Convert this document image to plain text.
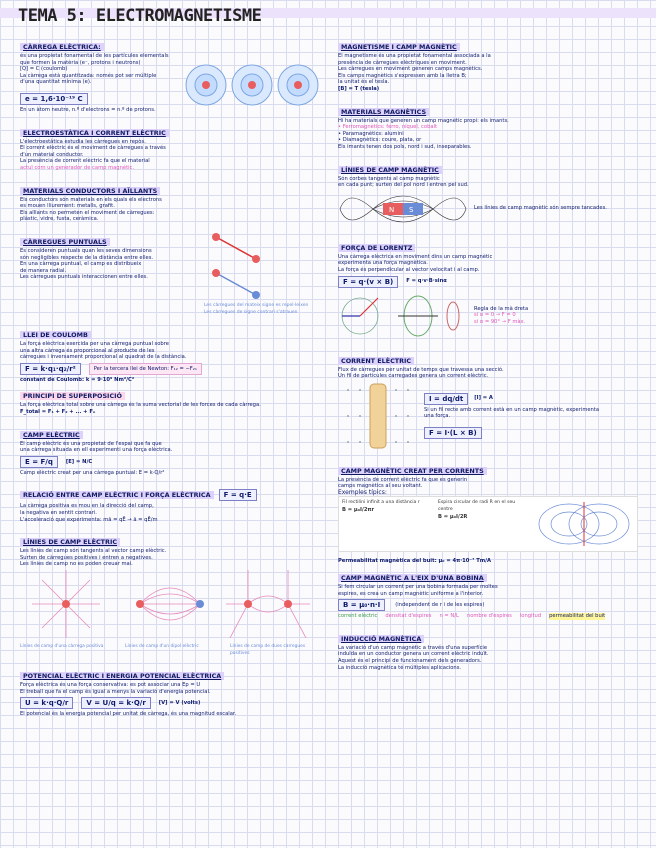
TEMA 5: ELECTROMAGNETISME
CÀRREGA ELÈCTRICA:

és una propietat fonamental de les partícules elementals

que formen la matèria (e⁻, protons i neutrons)

[Q] = C (coulomb)

La càrrega està quantitzada: només pot ser múltiple

d'una quantitat mínima (e).

e = 1,6·10⁻¹⁹ C

En un àtom neutre, n.º d'electrons = n.º de protons.

ELECTROESTÀTICA I CORRENT ELÈCTRIC

L'electroestàtica estudia les càrregues en repòs.

El corrent elèctric és el moviment de càrregues a través

d'un material conductor.

La presència de corrent elèctric fa que el material

actuï com un generador de camp magnètic.

MATERIALS CONDUCTORS I AÏLLANTS

Els conductors són materials en els quals els electrons

es mouen lliurement: metalls, grafit.

Els aïllants no permeten el moviment de càrregues:

plàstic, vidre, fusta, ceràmica.

CÀRREGUES PUNTUALS

Es consideren puntuals quan les seves dimensions

són negligibles respecte de la distància entre elles.

En una càrrega puntual, el camp es distribueix

de manera radial.

Les càrregues puntuals interaccionen entre elles.

Les càrregues del mateix signe es repel·leixen

Les càrregues de signe contrari s'atrauen

LLEI DE COULOMB

La força elèctrica exercida per una càrrega puntual sobre

una altra càrrega és proporcional al producte de les

càrregues i inversament proporcional al quadrat de la distància.

F = k·q₁·q₂/r²	Per la tercera llei de Newton: F₁₂ = −F₂₁

constant de Coulomb: k = 9·10⁹ Nm²/C²

PRINCIPI DE SUPERPOSICIÓ

La força elèctrica total sobre una càrrega és la suma vectorial de les forces de cada càrrega.

F_total = F₁ + F₂ + ... + Fₙ

CAMP ELÈCTRIC

El camp elèctric és una propietat de l'espai que fa que

una càrrega situada en ell experimenti una força elèctrica.

E = F/q	[E] = N/C

Camp elèctric creat per una càrrega puntual: E = k·Q/r²

RELACIÓ ENTRE CAMP ELÈCTRIC I FORÇA ELÈCTRICA F = q·E

La càrrega positiva es mou en la direcció del camp,

la negativa en sentit contrari.

L'acceleració que experimenta: mā = qĒ → ā = qĒ/m

LÍNIES DE CAMP ELÈCTRIC

Les línies de camp són tangents al vector camp elèctric.

Surten de càrregues positives i entren a negatives.

Les línies de camp no es poden creuar mai.

Línies de camp d'una càrrega positiva	Línies de camp d'un dipol elèctric	Línies de camp de dues càrregues positives

POTENCIAL ELÈCTRIC I ENERGIA POTENCIAL ELÈCTRICA

Força elèctrica és una força conservativa: es pot associar una Ep = U

El treball que fa el camp és igual a menys la variació d'energia potencial.

U = k·q·Q/r	V = U/q = k·Q/r	[V] = V (volts)

El potencial és la energia potencial per unitat de càrrega, és una magnitud escalar.

MAGNETISME I CAMP MAGNÈTIC

El magnetisme és una propietat fonamental associada a la

presència de càrregues elèctriques en moviment.

Les càrregues en moviment generen camps magnètics.

Els camps magnètics s'expressen amb la lletra B;

la unitat és el tesla.

[B] = T (tesla)

MATERIALS MAGNÈTICS

Hi ha materials que generen un camp magnètic propi: els imants.

• Ferromagnètics: ferro, níquel, cobalt

• Paramagnètics: alumini

• Diamagnètics: coure, plata, or

Els imants tenen dos pols, nord i sud, inseparables.

LÍNIES DE CAMP MAGNÈTIC

Són corbes tangents al camp magnètic

en cada punt; surten del pol nord i entren pel sud.

N S	Les línies de camp magnètic són sempre tancades.

FORÇA DE LORENTZ

Una càrrega elèctrica en moviment dins un camp magnètic

experimenta una força magnètica.

La força és perpendicular al vector velocitat i al camp.

F = q·(v × B)	F = q·v·B·sinα

Regla de la mà dreta

si α = 0 → F = 0

si α = 90° → F màx.

CORRENT ELÈCTRIC

Flux de càrregues per unitat de temps que travessa una secció.

Un fil de partícules carregades genera un corrent elèctric.

I = dq/dt	[I] = A

Si un fil recte amb corrent està en un camp magnètic, experimenta una força.

F = I·(L × B)
CAMP MAGNÈTIC CREAT PER CORRENTS

La presència de corrent elèctric fa que es generin

camps magnètics al seu voltant.

Exemples típics:

Fil rectilini infinit a una distància r

B = μ₀I/2πr

Espira circular de radi R en el seu centre

B = μ₀I/2R

Permeabilitat magnètica del buit: μ₀ = 4π·10⁻⁷ Tm/A

CAMP MAGNÈTIC A L'EIX D'UNA BOBINA

Si fem circular un corrent per una bobina formada per moltes

espires, es crea un camp magnètic uniforme a l'interior.

B = μ₀·n·I	(independent de r i de les espires)

corrent elèctric densitat d'espires n = N/L nombre d'espires longitud permeabilitat del buit

INDUCCIÓ MAGNÈTICA

La variació d'un camp magnètic a través d'una superfície

induïda en un conductor genera un corrent elèctric induït.

Aquest és el principi de funcionament dels generadors.

La inducció magnètica té múltiples aplicacions.
